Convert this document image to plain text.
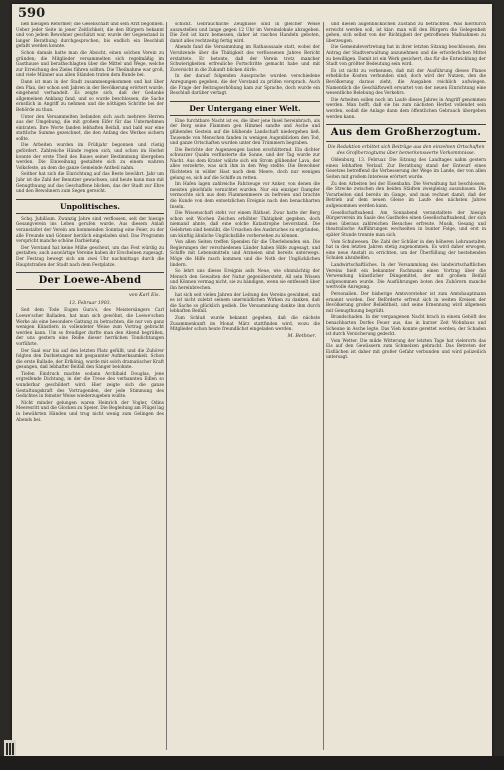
590

ließ hiesigen Reformer; die Gesellschaft und sein Arzt begonnen. Ueber jeder Seite in jener Zeitlichkeit, die den Bürgern bekannt und von jedem Bewohner geschätzt war, wurde der Gegenstand in langer Berathung durchgesprochen, bis endlich ein Beschluß gefaßt werden konnte.

Schon damals hatte man die Absicht, einen solchen Verein zu gründen; die Mitglieder versammelten sich regelmäßig im Gasthause und berathschlagten über die Mittel und Wege, welche zur Erreichung des Zieles führen sollten. Die Theilnahme war groß, und viele Männer aus allen Ständen traten dem Bunde bei.

Dann ist man in der Stadt zusammengekommen und hat über den Plan, der schon seit Jahren in der Bevölkerung erörtert wurde, eingehend verhandelt. Es zeigte sich, daß der Gedanke allgemeinen Anklang fand, und so wurde beschlossen, die Sache ernstlich in Angriff zu nehmen und die nöthigen Schritte bei der Behörde zu thun.

Unter den Versammelten befanden sich auch mehrere Herren aus der Umgebung, die mit großem Eifer für das Unternehmen eintraten. Ihre Worte fanden lebhaften Beifall, und bald war eine stattliche Summe gezeichnet, die den Anfang des Werkes sichern sollte.

Die Arbeiten wurden im Frühjahr begonnen und rüstig gefördert. Zahlreiche Hände regten sich, und schon im Herbst konnte der erste Theil des Baues seiner Bestimmung übergeben werden. Die Einweihung gestaltete sich zu einem wahren Volksfeste, an dem die ganze Gemeinde Antheil nahm.

Seither hat sich die Einrichtung auf das Beste bewährt. Jahr um Jahr ist die Zahl der Benutzer gewachsen, und heute kann man mit Genugthuung auf das Geschaffene blicken, das der Stadt zur Ehre und den Bewohnern zum Segen gereicht.

Unpolitisches.

Schq. Jubiläum. Zwanzig Jahre sind verflossen, seit der hiesige Gesangverein ins Leben gerufen wurde. Aus diesem Anlaß veranstaltet der Verein am kommenden Sonntag eine Feier, zu der alle Freunde und Gönner herzlich eingeladen sind. Das Programm verspricht manche schöne Darbietung.

Der Vorstand hat keine Mühe gescheut, um das Fest würdig zu gestalten; auch auswärtige Vereine haben ihr Erscheinen zugesagt. Der Festzug bewegt sich um zwei Uhr nachmittags durch die Hauptstraßen der Stadt nach dem Festplatze.

Der Loewe-Abend
von Karl Eis.
13. Februar 1903.

Seit dem Tode Eugen Gura's, des Meistersängers Carl Loewe'scher Balladen, hat man sich gewöhnt, die Loewe'schen Werke als eine besondere Gattung zu betrachten, die nur von ganz wenigen Künstlern in vollendeter Weise zum Vortrag gebracht werden kann. Um so freudiger durfte man den Abend begrüßen, der uns gestern eine Reihe dieser herrlichen Tondichtungen vorführte.

Der Saal war bis auf den letzten Platz gefüllt, und die Zuhörer folgten den Darbietungen mit gespannter Aufmerksamkeit. Schon die erste Ballade, der Erlkönig, wurde mit solch dramatischer Kraft gesungen, daß lebhafter Beifall den Sänger belohnte.

Tiefen Eindruck machte sodann Archibald Douglas, jene ergreifende Dichtung, in der die Treue des verbannten Edlen so wunderbar geschildert wird. Hier zeigte sich die ganze Gestaltungskraft des Vortragenden, der jede Stimmung des Gedichtes in feinster Weise wiederzugeben wußte.

Nicht minder gelungen waren Heinrich der Vogler, Odins Meeresritt und die Glocken zu Speier. Die Begleitung am Flügel lag in bewährten Händen und trug nicht wenig zum Gelingen des Abends bei.

schickt. Gebräuchliche Zeugnisse sind in gleicher Weise auszustellen und lange gegen 12 Uhr im Vereinslokale abzugeben. Die Zeit ist kurz bemessen, daher ist rasches Handeln geboten, damit alles rechtzeitig fertig wird.

Abends fand die Versammlung im Rathaussaale statt, wobei der Vorsitzende über die Thätigkeit des verflossenen Jahres Bericht erstattete. Er betonte, daß der Verein trotz mancher Schwierigkeiten erfreuliche Fortschritte gemacht habe und mit Zuversicht in die Zukunft blicken dürfe.

In der darauf folgenden Aussprache wurden verschiedene Anregungen gegeben, die der Vorstand zu prüfen versprach. Auch die Frage der Beitragserhöhung kam zur Sprache, doch wurde ein Beschluß darüber vertagt.

Der Untergang einer Welt.

Eine furchtbare Nacht ist es, die über jene Insel hereinbrach, als der Berg seine Flammen gen Himmel sandte und Asche und glühendes Gestein auf die blühende Landschaft niedergehen ließ. Tausende von Menschen fanden in wenigen Augenblicken den Tod, und ganze Ortschaften wurden unter den Trümmern begraben.

Die Berichte der Augenzeugen lauten erschütternd. Ein dichter schwarzer Qualm verfinsterte die Sonne, und der Tag wurde zur Nacht. Aus dem Krater wälzte sich ein Strom glühender Lava, der alles verzehrte, was sich ihm in den Weg stellte. Die Bewohner flüchteten in wilder Hast nach dem Meere, doch nur wenigen gelang es, sich auf die Schiffe zu retten.

Im Hafen lagen zahlreiche Fahrzeuge vor Anker, von denen die meisten gleichfalls vernichtet wurden. Nur ein einziger Dampfer vermochte sich aus dem Flammenmeere zu befreien und brachte die Kunde von dem entsetzlichen Ereignis nach den benachbarten Inseln.

Die Wissenschaft steht vor einem Räthsel. Zwar hatte der Berg schon seit Wochen Zeichen erhöhter Thätigkeit gegeben, doch niemand ahnte, daß eine solche Katastrophe bevorstand. Die Gelehrten sind bemüht, die Ursachen des Ausbruches zu ergründen, um künftig ähnliche Unglücksfälle vorhersehen zu können.

Von allen Seiten treffen Spenden für die Überlebenden ein. Die Regierungen der verschiedenen Länder haben Hilfe zugesagt, und Schiffe mit Lebensmitteln und Arzneien sind bereits unterwegs. Möge die Hilfe rasch kommen und die Noth der Unglücklichen lindern.

So lehrt uns dieses Ereignis aufs Neue, wie ohnmächtig der Mensch den Gewalten der Natur gegenübersteht. All sein Wissen und Können vermag nicht, sie zu bändigen, wenn sie entfesselt über ihn hereinbrechen.

hat sich seit vielen Jahren der Leitung des Vereins gewidmet, und es ist nicht zuletzt seinem unermüdlichen Wirken zu danken, daß die Sache so glücklich gedieh. Die Versammlung dankte ihm durch lebhaften Beifall.

Zum Schluß wurde bekannt gegeben, daß die nächste Zusammenkunft im Monat März stattfinden wird, wozu die Mitglieder schon heute freundlichst eingeladen werden.

M. Bethner.

und diesen augenblicklichen Zustand zu betrachten. Was hierdurch erreicht werden soll, ist klar: man will den Bürgern die Gelegenheit geben, sich selbst von der Richtigkeit der getroffenen Maßnahmen zu überzeugen.

Die Gemeindevertretung hat in ihrer letzten Sitzung beschlossen, den Antrag der Stadtverwaltung anzunehmen und die erforderlichen Mittel zu bewilligen. Damit ist ein Werk gesichert, das für die Entwicklung der Stadt von größter Bedeutung sein wird.

Es ist nicht zu verkennen, daß mit der Ausführung dieses Planes erhebliche Kosten verbunden sind; doch wird der Nutzen, den die Bevölkerung daraus zieht, die Ausgaben reichlich aufwiegen. Namentlich die Geschäftswelt erwartet von der neuen Einrichtung eine wesentliche Belebung des Verkehrs.

Die Arbeiten sollen noch im Laufe dieses Jahres in Angriff genommen werden. Man hofft, daß sie bis zum nächsten Herbst vollendet sein werden, sodaß die Anlage dann dem öffentlichen Gebrauch übergeben werden kann.

Aus dem Großherzogtum.
Die Redaktion erbittet sich Beiträge aus den einzelnen Ortschaften des Großherzogtums über bemerkenswerte Vorkommnisse.

Oldenburg, 13. Februar. Die Sitzung des Landtages nahm gestern einen lebhaften Verlauf. Zur Berathung stand der Entwurf eines Gesetzes betreffend die Verbesserung der Wege im Lande, der von allen Seiten mit großem Interesse erörtert wurde.

Zu den Arbeiten bei der Eisenbahn. Die Verwaltung hat beschlossen, die Strecke zwischen den beiden Städten zweigleisig auszubauen. Die Vorarbeiten sind bereits im Gange, und man rechnet damit, daß der Betrieb auf dem neuen Gleise im Laufe des nächsten Jahres aufgenommen werden kann.

Gesellschaftsabend. Am Sonnabend veranstaltete der hiesige Bürgerverein im Saale des Gasthofes einen Gesellschaftsabend, der sich eines überaus zahlreichen Besuches erfreute. Musik, Gesang und theatralische Aufführungen wechselten in bunter Folge, und erst in später Stunde trennte man sich.

Vom Schulwesen. Die Zahl der Schüler in den höheren Lehranstalten hat in den letzten Jahren stetig zugenommen. Es wird daher erwogen, eine neue Anstalt zu errichten, um der Überfüllung der bestehenden Schulen abzuhelfen.

Landwirtschaftliches. In der Versammlung des landwirtschaftlichen Vereins hielt ein bekannter Fachmann einen Vortrag über die Verwendung künstlicher Düngemittel, der mit großem Beifall aufgenommen wurde. Die Ausführungen boten den Zuhörern manche wertvolle Anregung.

Personalien. Der bisherige Amtsvorsteher ist zum Amtshauptmann ernannt worden. Der Beförderte erfreut sich in weiten Kreisen der Bevölkerung großer Beliebtheit, und seine Ernennung wird allgemein mit Genugthuung begrüßt.

Brandschaden. In der vergangenen Nacht brach in einem Gehöft des benachbarten Dorfes Feuer aus, das in kurzer Zeit Wohnhaus und Scheune in Asche legte. Das Vieh konnte gerettet werden; der Schaden ist durch Versicherung gedeckt.

Vom Wetter. Die milde Witterung der letzten Tage hat vielerorts das Eis auf den Gewässern zum Schmelzen gebracht. Das Betreten der Eisflächen ist daher mit großer Gefahr verbunden und wird polizeilich untersagt.
